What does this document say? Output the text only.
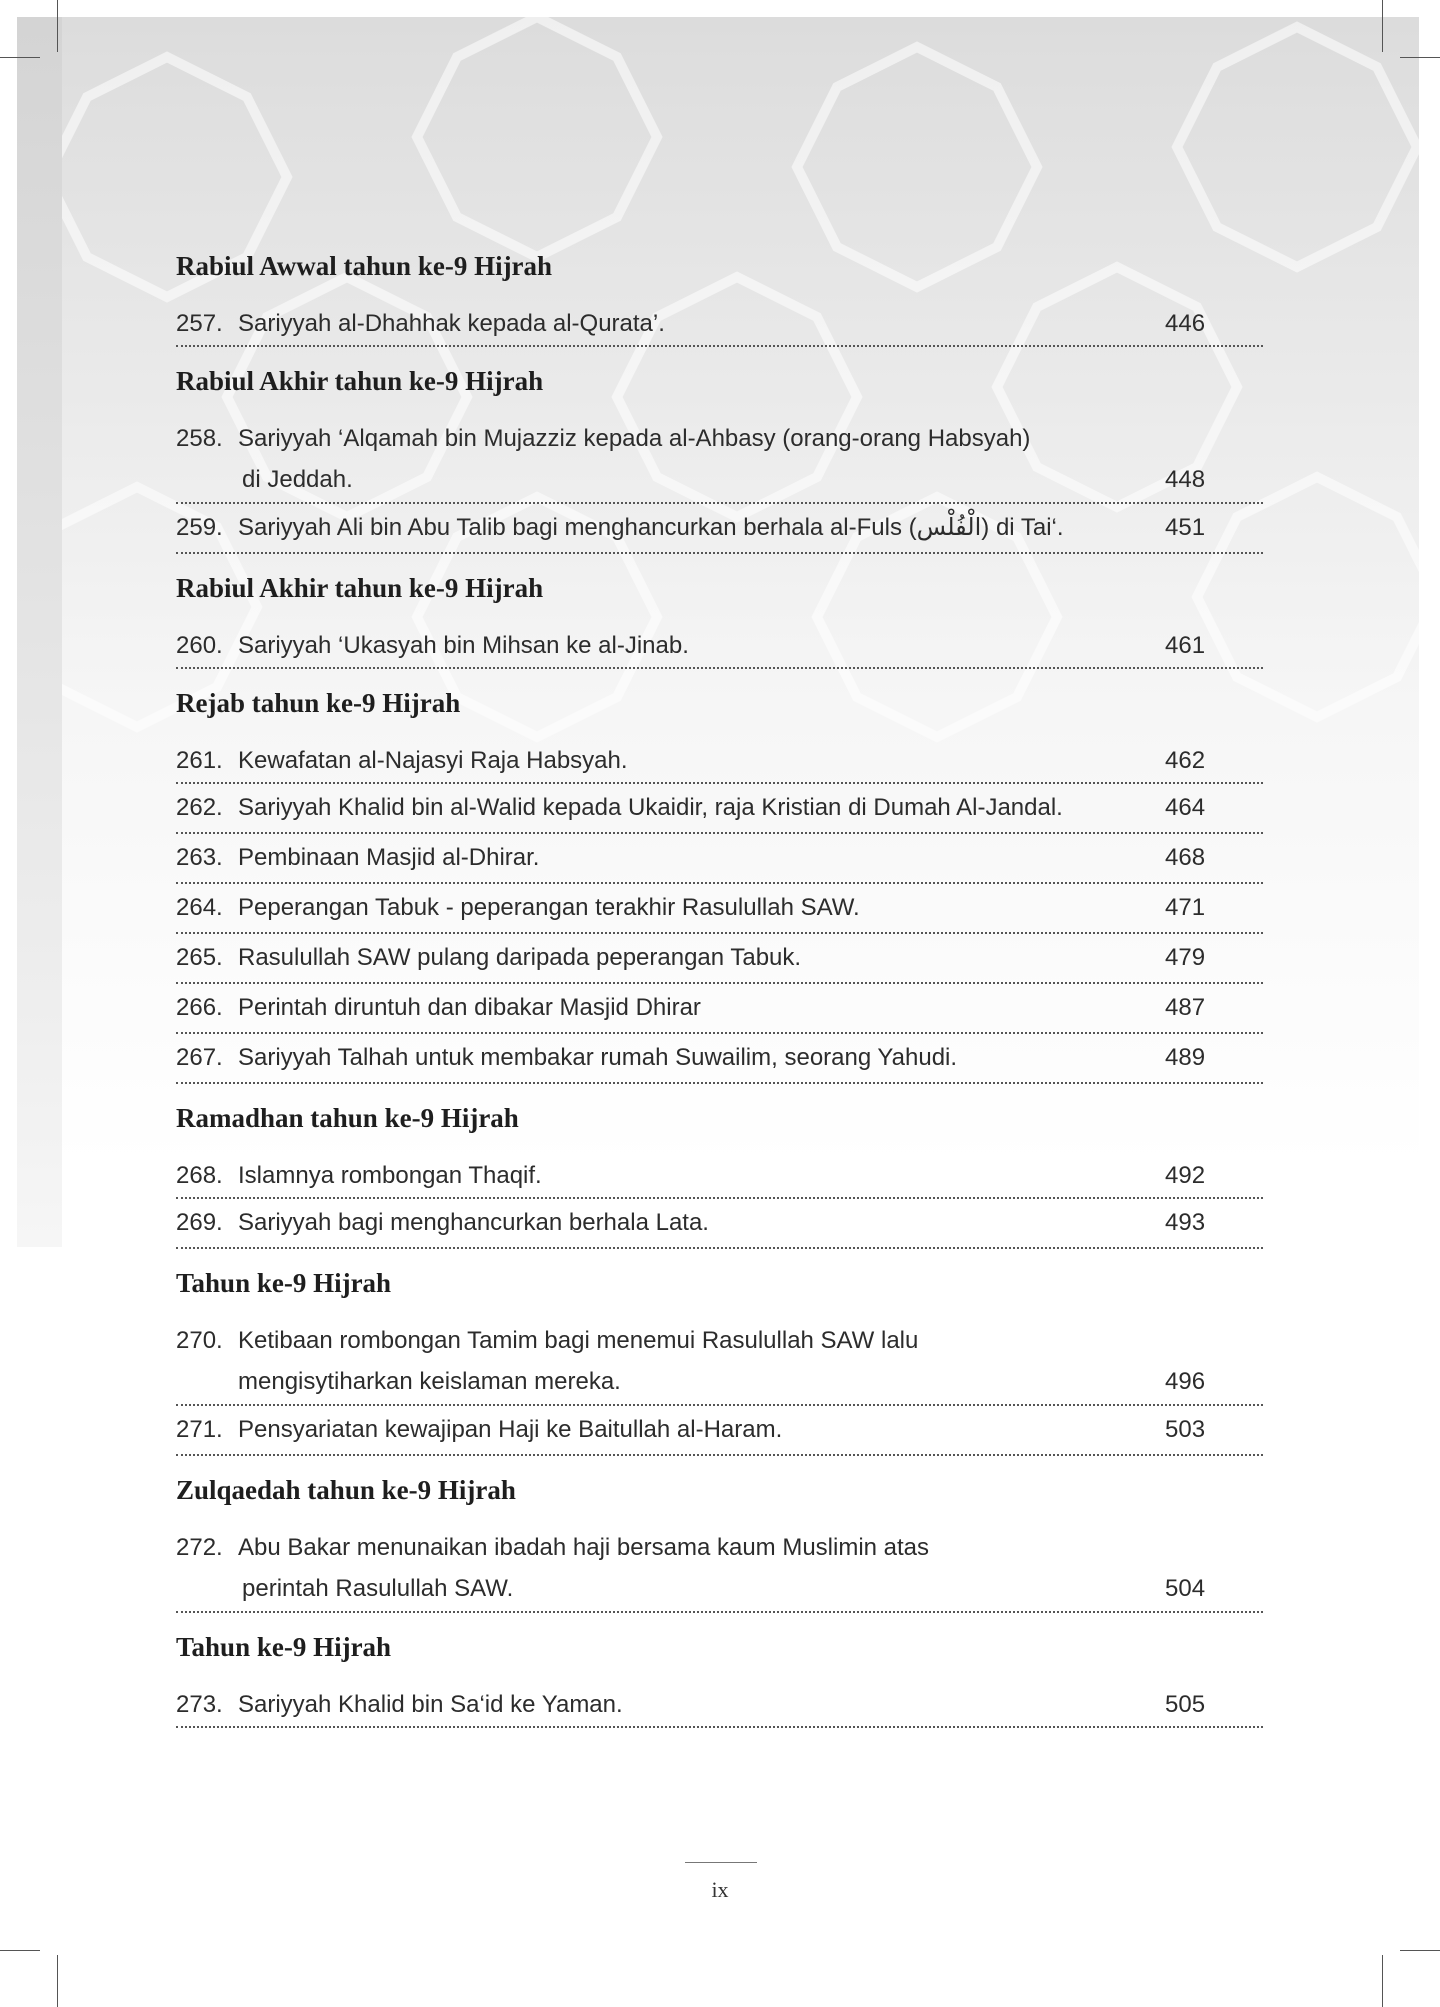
Rabiul Awwal tahun ke-9 Hijrah
257. Sariyyah al-Dhahhak kepada al-Qurata’.	446
Rabiul Akhir tahun ke-9 Hijrah
258. Sariyyah ‘Alqamah bin Mujazziz kepada al-Ahbasy (orang-orang Habsyah)
di Jeddah.	448
259. Sariyyah Ali bin Abu Talib bagi menghancurkan berhala al-Fuls (الْفُلْس) di Tai‘.	451
Rabiul Akhir tahun ke-9 Hijrah
260. Sariyyah ‘Ukasyah bin Mihsan ke al-Jinab.	461
Rejab tahun ke-9 Hijrah
261. Kewafatan al-Najasyi Raja Habsyah.	462
262. Sariyyah Khalid bin al-Walid kepada Ukaidir, raja Kristian di Dumah Al-Jandal.	464
263. Pembinaan Masjid al-Dhirar.	468
264. Peperangan Tabuk - peperangan terakhir Rasulullah SAW.	471
265. Rasulullah SAW pulang daripada peperangan Tabuk.	479
266. Perintah diruntuh dan dibakar Masjid Dhirar	487
267. Sariyyah Talhah untuk membakar rumah Suwailim, seorang Yahudi.	489
Ramadhan tahun ke-9 Hijrah
268. Islamnya rombongan Thaqif.	492
269. Sariyyah bagi menghancurkan berhala Lata.	493
Tahun ke-9 Hijrah
270. Ketibaan rombongan Tamim bagi menemui Rasulullah SAW lalu
mengisytiharkan keislaman mereka.	496
271. Pensyariatan kewajipan Haji ke Baitullah al-Haram.	503
Zulqaedah tahun ke-9 Hijrah
272. Abu Bakar menunaikan ibadah haji bersama kaum Muslimin atas
perintah Rasulullah SAW.	504
Tahun ke-9 Hijrah
273. Sariyyah Khalid bin Sa‘id ke Yaman.	505
ix
